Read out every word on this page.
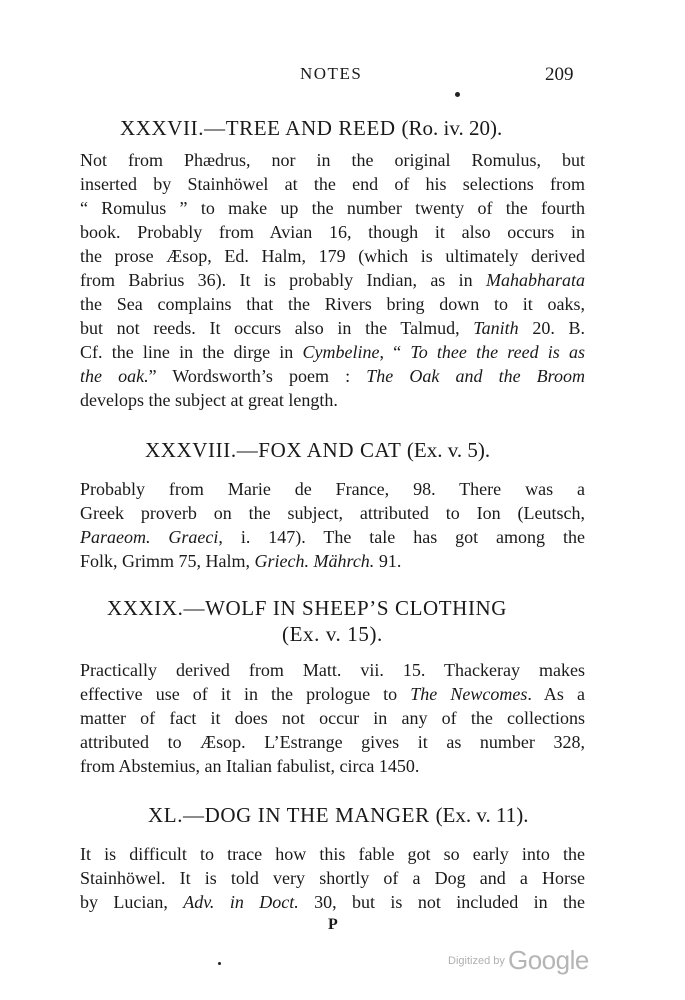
NOTES	209
XXXVII.—TREE AND REED (Ro. iv. 20).
Not from Phædrus, nor in the original Romulus, but
inserted by Stainhöwel at the end of his selections from
“ Romulus ” to make up the number twenty of the fourth
book. Probably from Avian 16, though it also occurs in
the prose Æsop, Ed. Halm, 179 (which is ultimately derived
from Babrius 36). It is probably Indian, as in Mahabharata
the Sea complains that the Rivers bring down to it oaks,
but not reeds. It occurs also in the Talmud, Tanith 20. B.
Cf. the line in the dirge in Cymbeline, “ To thee the reed is as
the oak.” Wordsworth’s poem : The Oak and the Broom
develops the subject at great length.
XXXVIII.—FOX AND CAT (Ex. v. 5).
Probably from Marie de France, 98. There was a
Greek proverb on the subject, attributed to Ion (Leutsch,
Paraeom. Graeci, i. 147). The tale has got among the
Folk, Grimm 75, Halm, Griech. Mährch. 91.
XXXIX.—WOLF IN SHEEP’S CLOTHING
(Ex. v. 15).
Practically derived from Matt. vii. 15. Thackeray makes
effective use of it in the prologue to The Newcomes. As a
matter of fact it does not occur in any of the collections
attributed to Æsop. L’Estrange gives it as number 328,
from Abstemius, an Italian fabulist, circa 1450.
XL.—DOG IN THE MANGER (Ex. v. 11).
It is difficult to trace how this fable got so early into the
Stainhöwel. It is told very shortly of a Dog and a Horse
by Lucian, Adv. in Doct. 30, but is not included in the
P
Digitized by Google
